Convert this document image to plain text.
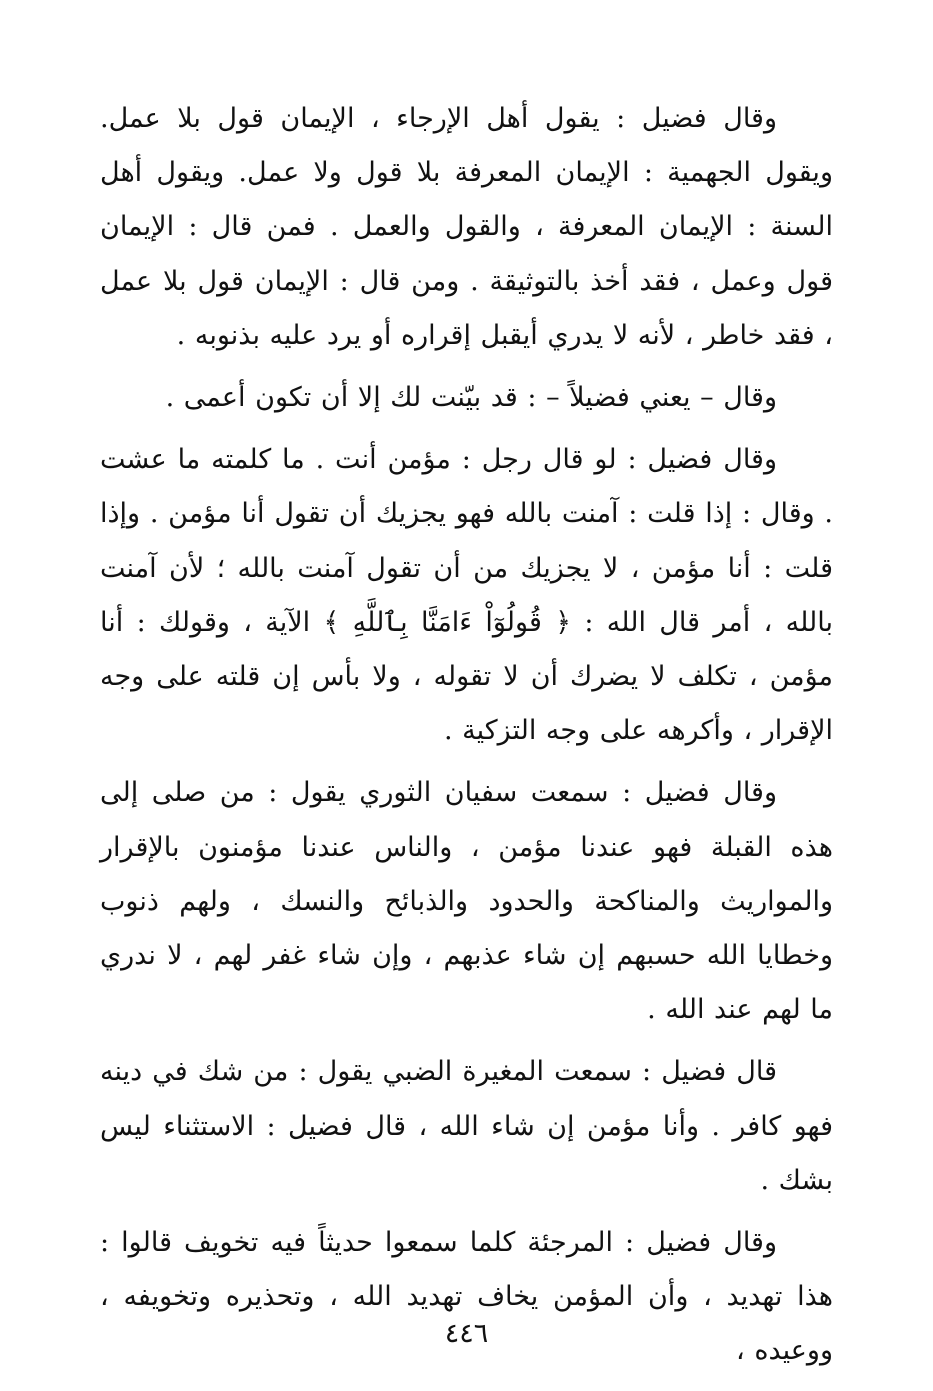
وقال فضيل : يقول أهل الإرجاء ، الإيمان قول بلا عمل. ويقول الجهمية : الإيمان المعرفة بلا قول ولا عمل. ويقول أهل السنة : الإيمان المعرفة ، والقول والعمل . فمن قال : الإيمان قول وعمل ، فقد أخذ بالتوثيقة . ومن قال : الإيمان قول بلا عمل ، فقد خاطر ، لأنه لا يدري أيقبل إقراره أو يرد عليه بذنوبه .

وقال – يعني فضيلاً – : قد بيّنت لك إلا أن تكون أعمى .

وقال فضيل : لو قال رجل : مؤمن أنت . ما كلمته ما عشت . وقال : إذا قلت : آمنت بالله فهو يجزيك أن تقول أنا مؤمن . وإذا قلت : أنا مؤمن ، لا يجزيك من أن تقول آمنت بالله ؛ لأن آمنت بالله ، أمر قال الله : ﴿ قُولُوٓاْ ءَامَنَّا بِٱللَّهِ ﴾ الآية ، وقولك : أنا مؤمن ، تكلف لا يضرك أن لا تقوله ، ولا بأس إن قلته على وجه الإقرار ، وأكرهه على وجه التزكية .

وقال فضيل : سمعت سفيان الثوري يقول : من صلى إلى هذه القبلة فهو عندنا مؤمن ، والناس عندنا مؤمنون بالإقرار والمواريث والمناكحة والحدود والذبائح والنسك ، ولهم ذنوب وخطايا الله حسبهم إن شاء عذبهم ، وإن شاء غفر لهم ، لا ندري ما لهم عند الله .

قال فضيل : سمعت المغيرة الضبي يقول : من شك في دينه فهو كافر . وأنا مؤمن إن شاء الله ، قال فضيل : الاستثناء ليس بشك .

وقال فضيل : المرجئة كلما سمعوا حديثاً فيه تخويف قالوا : هذا تهديد ، وأن المؤمن يخاف تهديد الله ، وتحذيره وتخويفه ، ووعيده ،

٤٤٦
